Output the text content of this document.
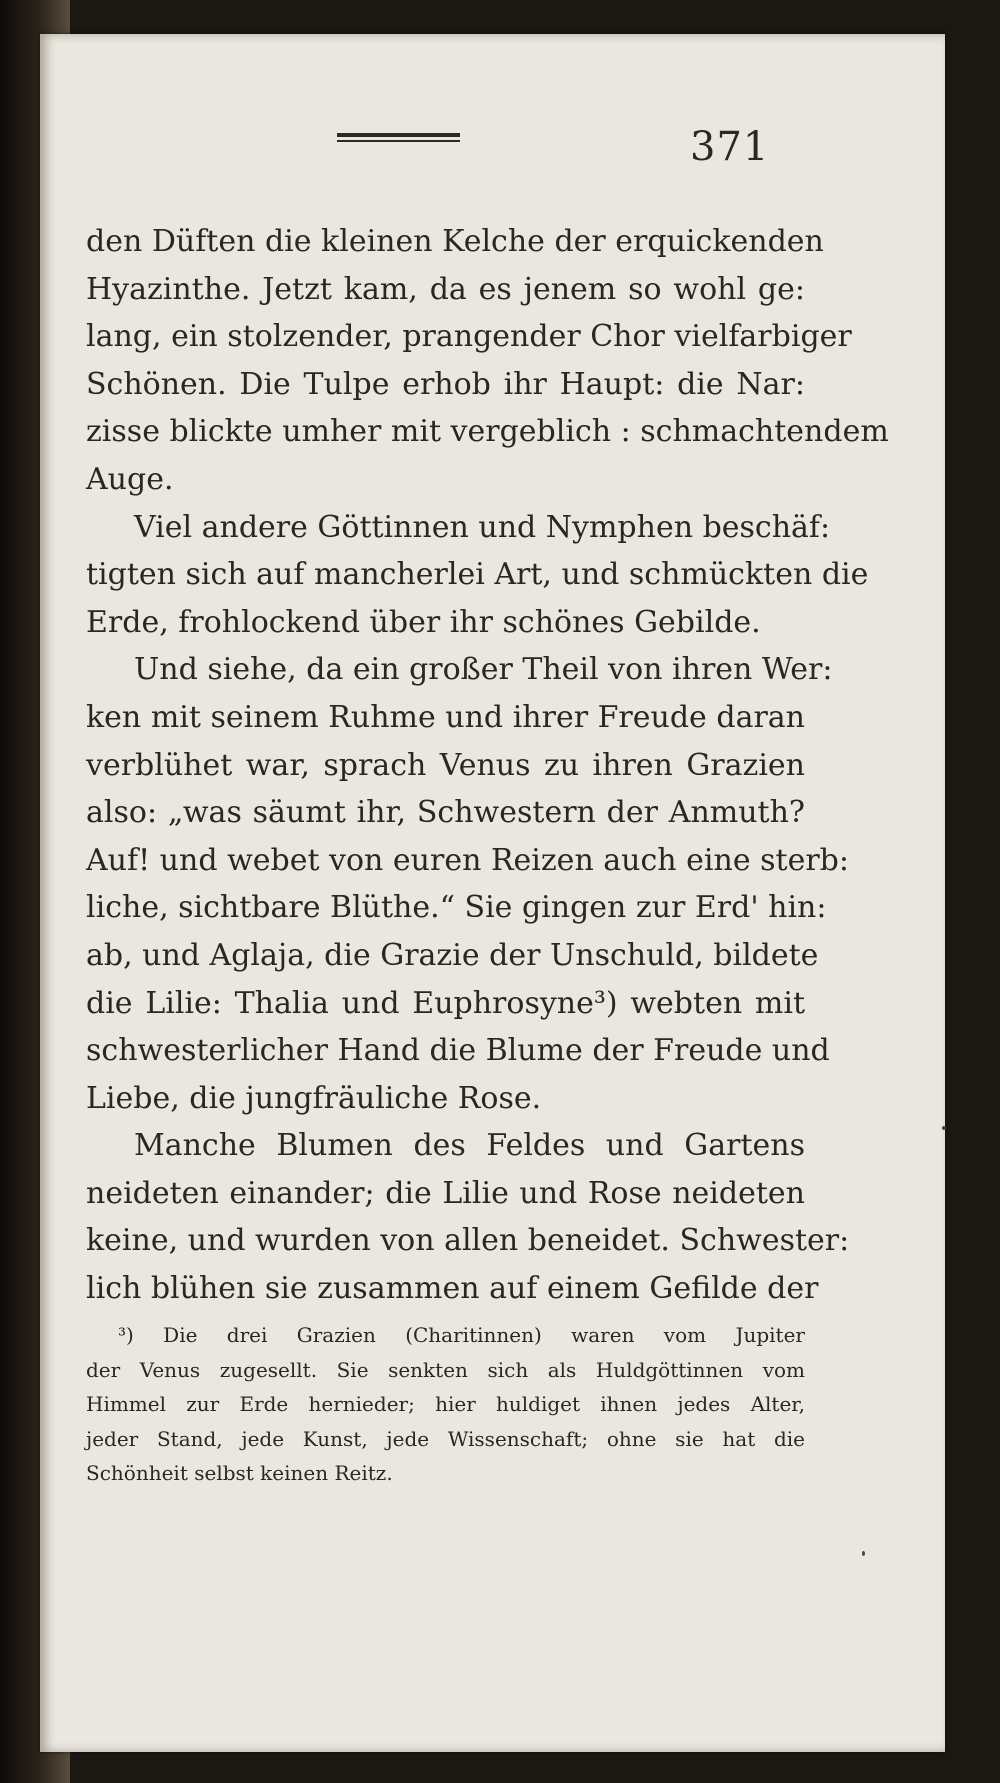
371
den Düften die kleinen Kelche der erquickenden
Hyazinthe. Jetzt kam, da es jenem so wohl ge:
lang, ein stolzender, prangender Chor vielfarbiger
Schönen. Die Tulpe erhob ihr Haupt: die Nar:
zisse blickte umher mit vergeblich : schmachtendem
Auge.
Viel andere Göttinnen und Nymphen beschäf:
tigten sich auf mancherlei Art, und schmückten die
Erde, frohlockend über ihr schönes Gebilde.
Und siehe, da ein großer Theil von ihren Wer:
ken mit seinem Ruhme und ihrer Freude daran
verblühet war, sprach Venus zu ihren Grazien
also: „was säumt ihr, Schwestern der Anmuth?
Auf! und webet von euren Reizen auch eine sterb:
liche, sichtbare Blüthe.“ Sie gingen zur Erd' hin:
ab, und Aglaja, die Grazie der Unschuld, bildete
die Lilie: Thalia und Euphrosyne³) webten mit
schwesterlicher Hand die Blume der Freude und
Liebe, die jungfräuliche Rose.
Manche Blumen des Feldes und Gartens
neideten einander; die Lilie und Rose neideten
keine, und wurden von allen beneidet. Schwester:
lich blühen sie zusammen auf einem Gefilde der
³) Die drei Grazien (Charitinnen) waren vom Jupiter
der Venus zugesellt. Sie senkten sich als Huldgöttinnen vom
Himmel zur Erde hernieder; hier huldiget ihnen jedes Alter,
jeder Stand, jede Kunst, jede Wissenschaft; ohne sie hat die
Schönheit selbst keinen Reitz.
